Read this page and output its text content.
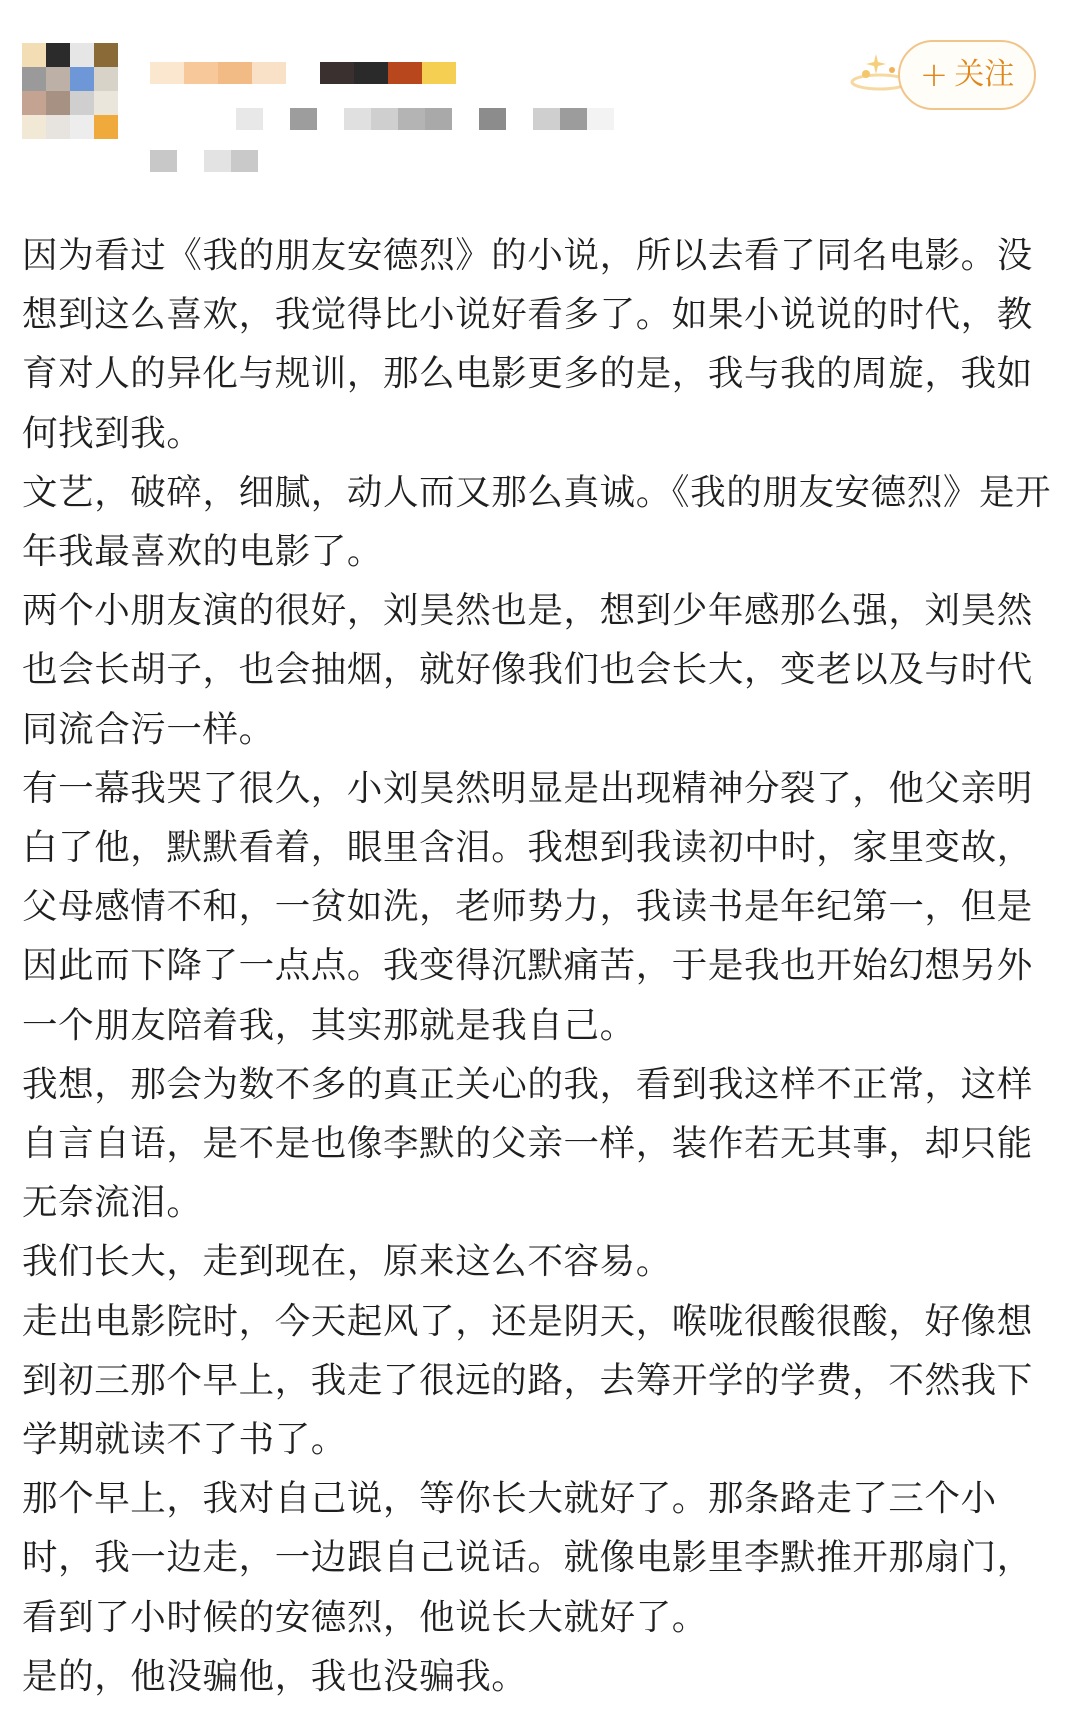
+ 关注

因为看过《我的朋友安德烈》的小说，所以去看了同名电影。没想到这么喜欢，我觉得比小说好看多了。如果小说说的时代，教育对人的异化与规训，那么电影更多的是，我与我的周旋，我如何找到我。

文艺，破碎，细腻，动人而又那么真诚。《我的朋友安德烈》是开年我最喜欢的电影了。

两个小朋友演的很好，刘昊然也是，想到少年感那么强，刘昊然也会长胡子，也会抽烟，就好像我们也会长大，变老以及与时代同流合污一样。

有一幕我哭了很久，小刘昊然明显是出现精神分裂了，他父亲明白了他，默默看着，眼里含泪。我想到我读初中时，家里变故，父母感情不和，一贫如洗，老师势力，我读书是年纪第一，但是因此而下降了一点点。我变得沉默痛苦，于是我也开始幻想另外一个朋友陪着我，其实那就是我自己。

我想，那会为数不多的真正关心的我，看到我这样不正常，这样自言自语，是不是也像李默的父亲一样，装作若无其事，却只能无奈流泪。

我们长大，走到现在，原来这么不容易。

走出电影院时，今天起风了，还是阴天，喉咙很酸很酸，好像想到初三那个早上，我走了很远的路，去筹开学的学费，不然我下学期就读不了书了。

那个早上，我对自己说，等你长大就好了。那条路走了三个小时，我一边走，一边跟自己说话。就像电影里李默推开那扇门，看到了小时候的安德烈，他说长大就好了。

是的，他没骗他，我也没骗我。
